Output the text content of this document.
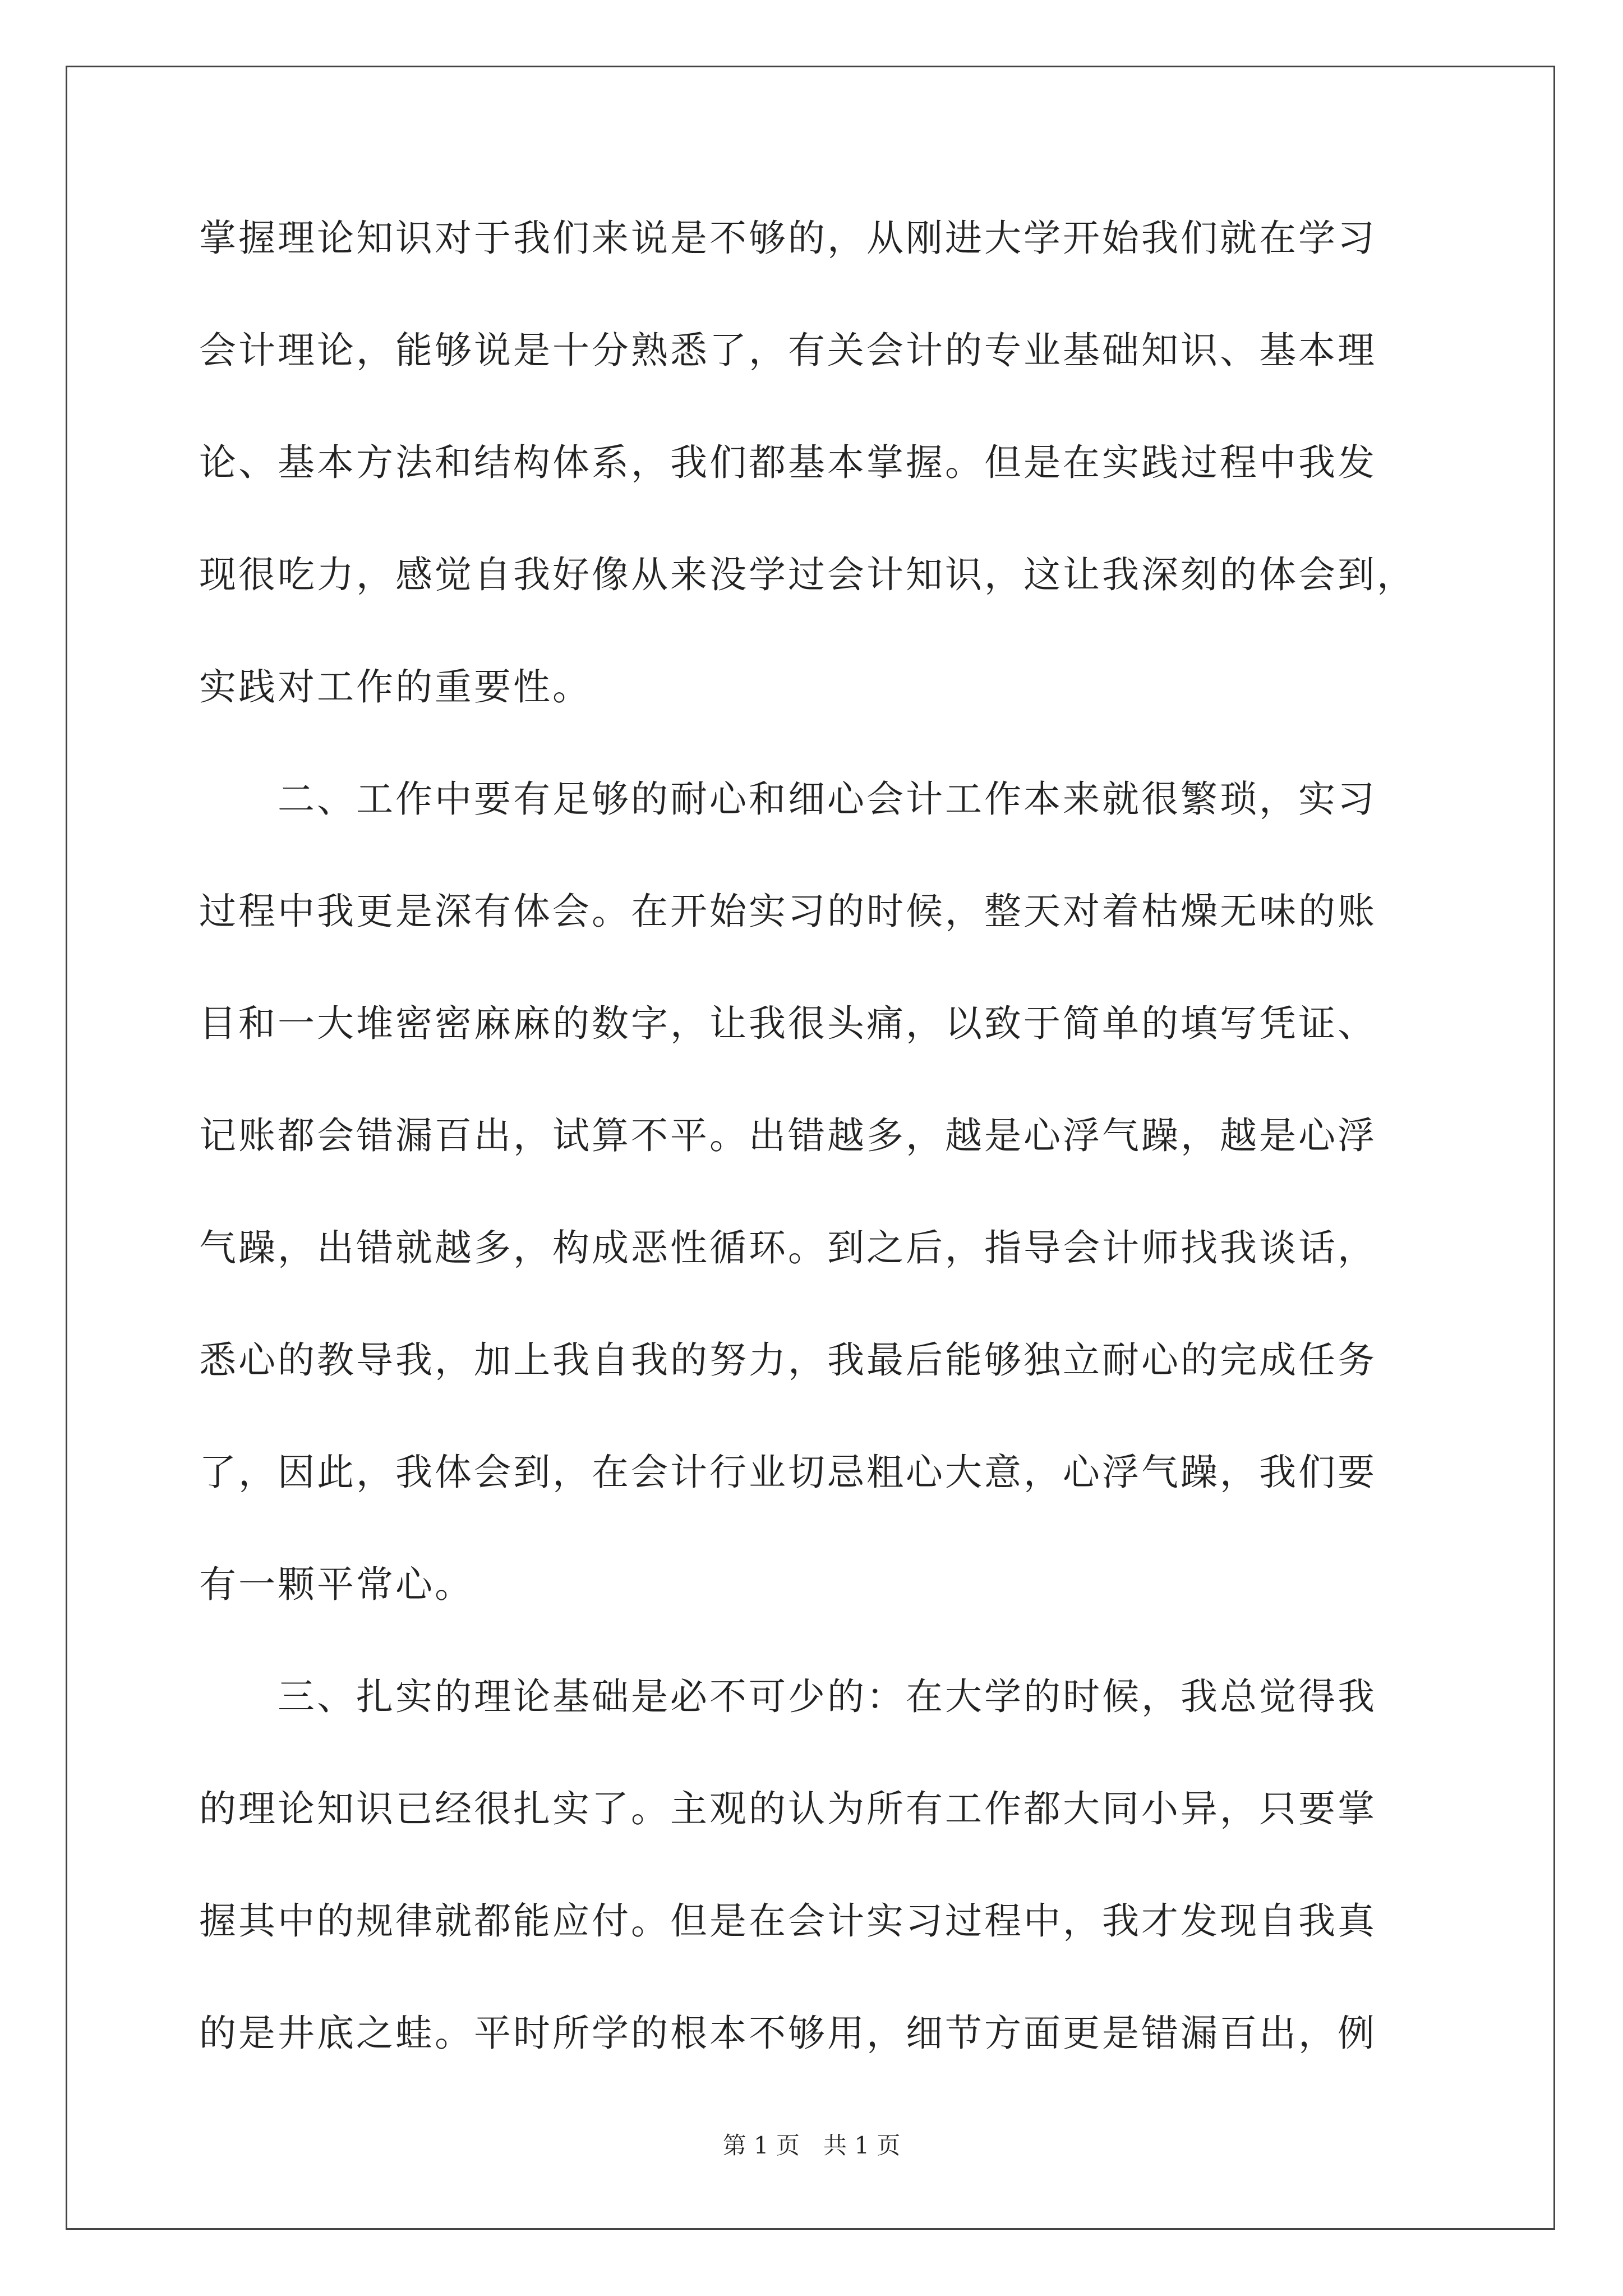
掌握理论知识对于我们来说是不够的，从刚进大学开始我们就在学习
会计理论，能够说是十分熟悉了，有关会计的专业基础知识、基本理
论、基本方法和结构体系，我们都基本掌握。但是在实践过程中我发
现很吃力，感觉自我好像从来没学过会计知识，这让我深刻的体会到，
实践对工作的重要性。
　　二、工作中要有足够的耐心和细心会计工作本来就很繁琐，实习
过程中我更是深有体会。在开始实习的时候，整天对着枯燥无味的账
目和一大堆密密麻麻的数字，让我很头痛，以致于简单的填写凭证、
记账都会错漏百出，试算不平。出错越多，越是心浮气躁，越是心浮
气躁，出错就越多，构成恶性循环。到之后，指导会计师找我谈话，
悉心的教导我，加上我自我的努力，我最后能够独立耐心的完成任务
了，因此，我体会到，在会计行业切忌粗心大意，心浮气躁，我们要
有一颗平常心。
　　三、扎实的理论基础是必不可少的：在大学的时候，我总觉得我
的理论知识已经很扎实了。主观的认为所有工作都大同小异，只要掌
握其中的规律就都能应付。但是在会计实习过程中，我才发现自我真
的是井底之蛙。平时所学的根本不够用，细节方面更是错漏百出，例
第 1 页　共 1 页
